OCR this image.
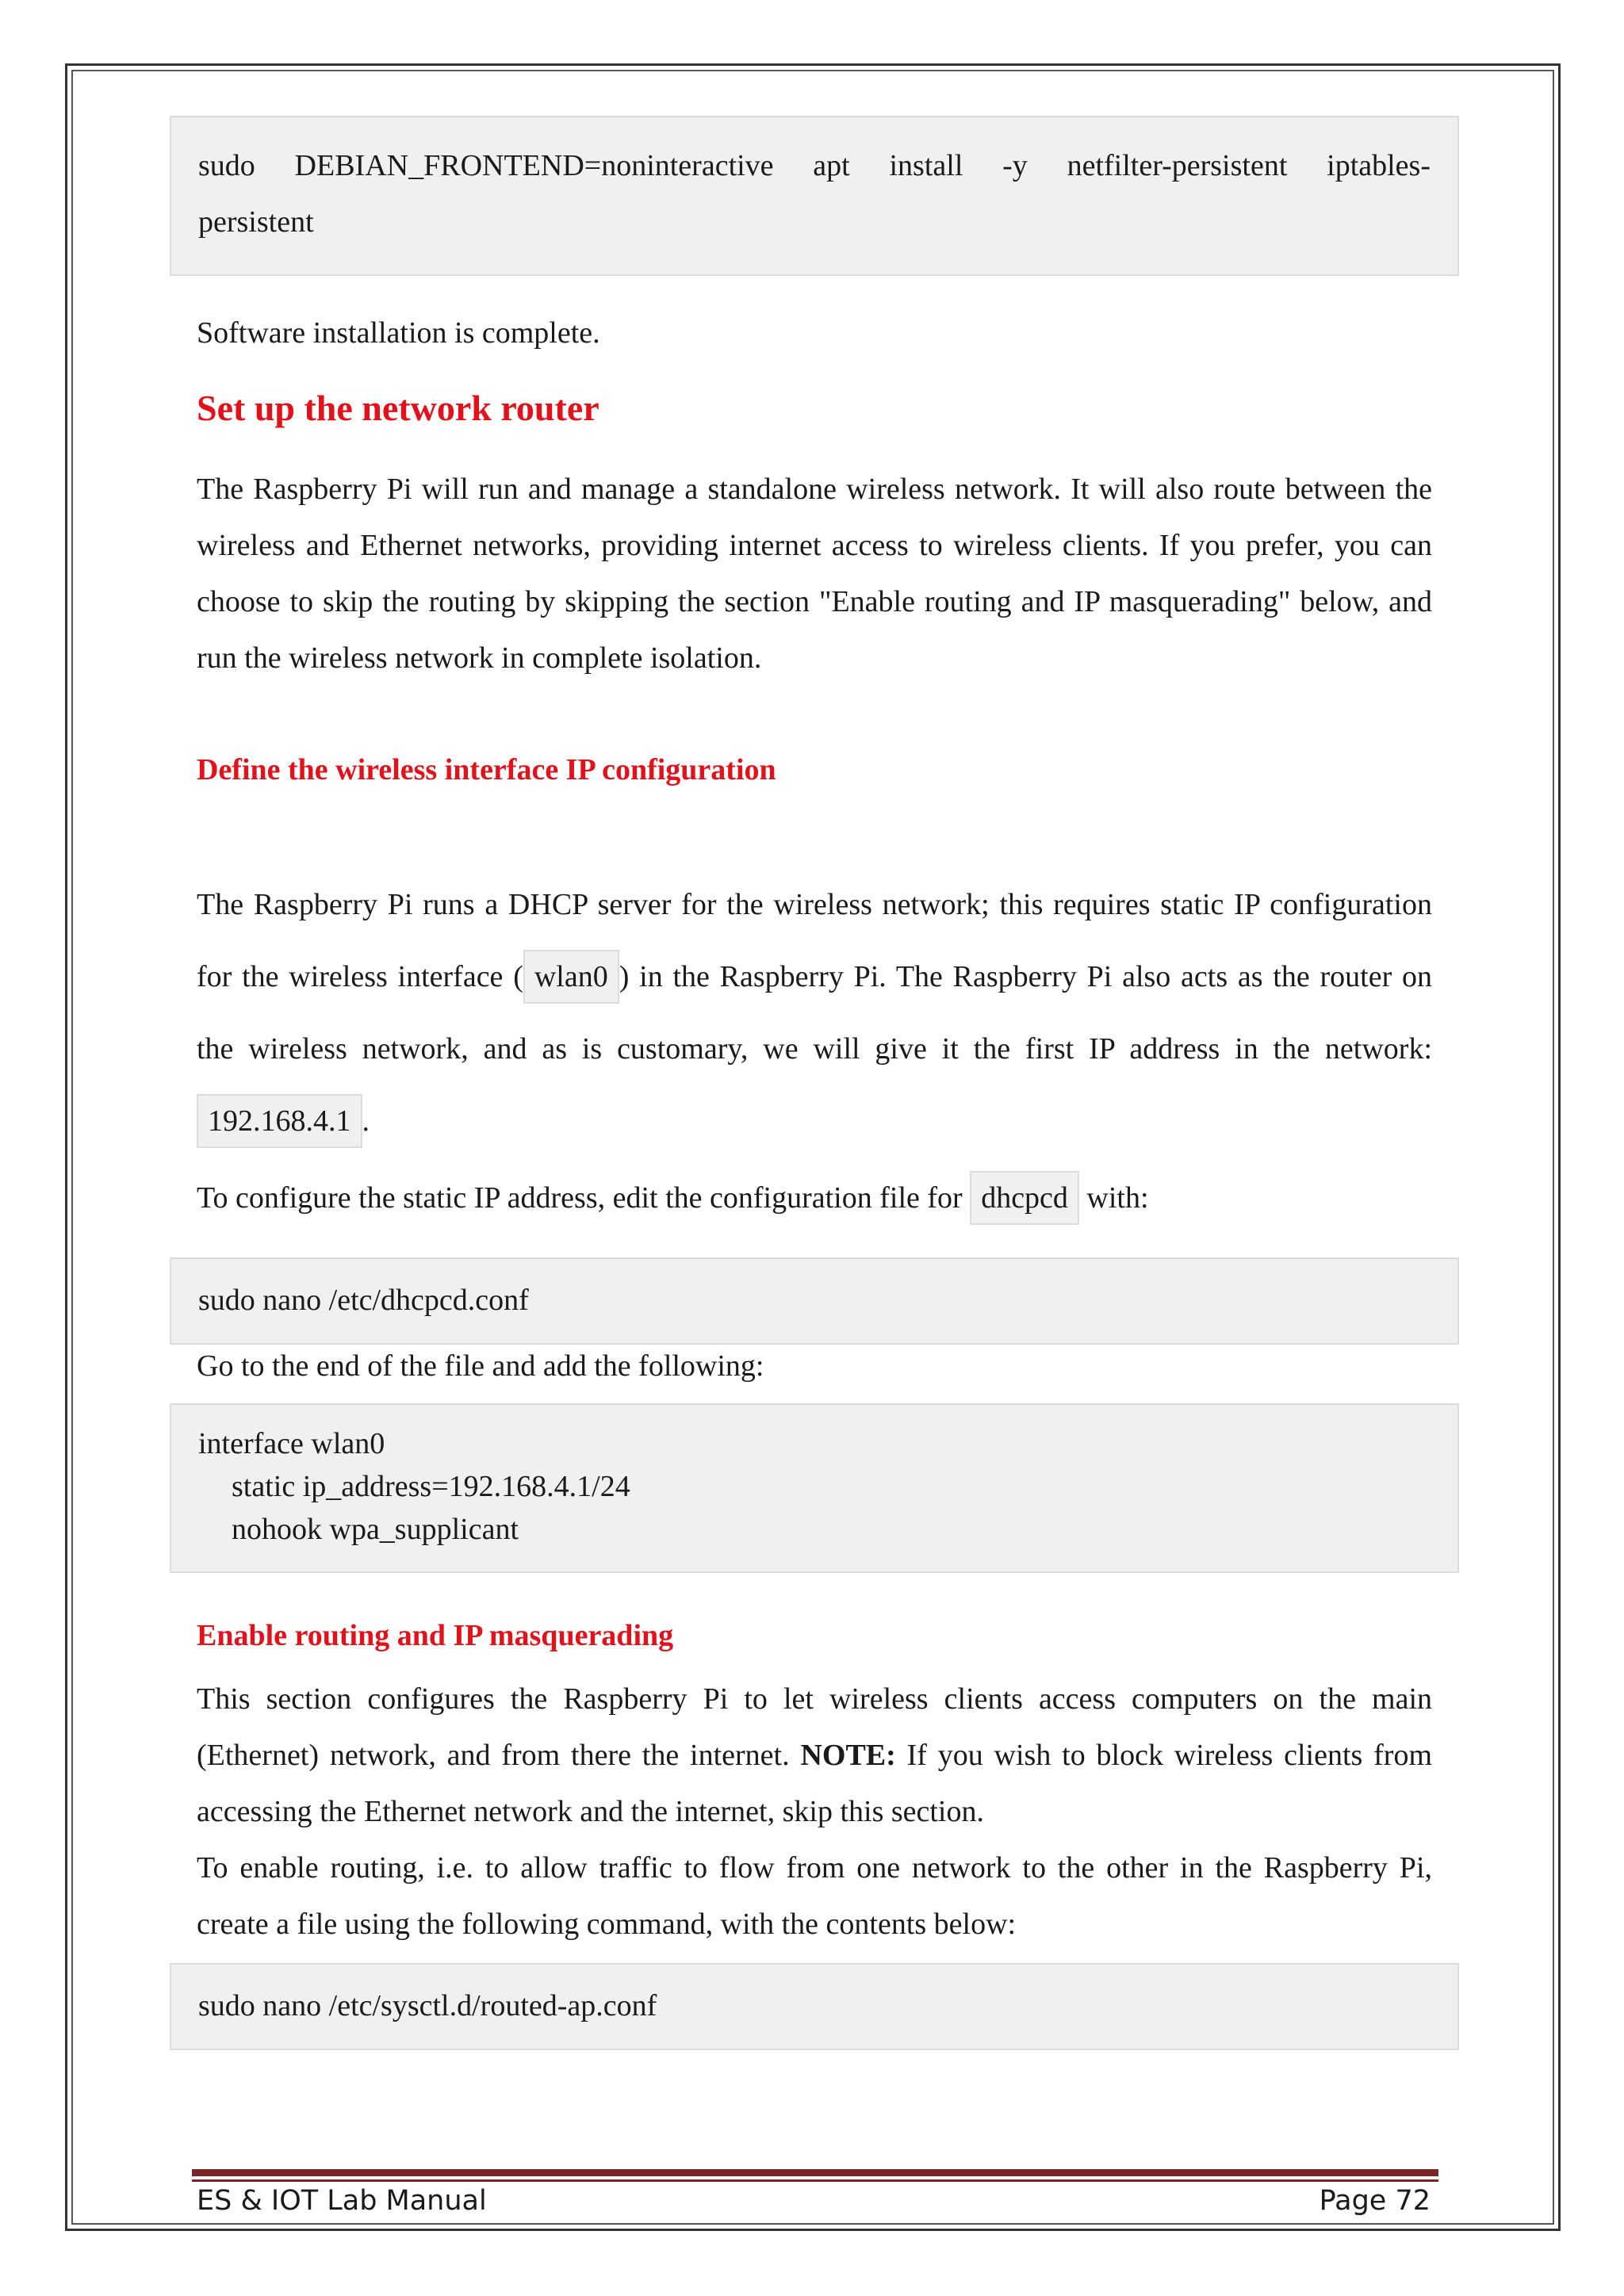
sudo DEBIAN_FRONTEND=noninteractive apt install -y netfilter-persistent iptables-
persistent

Software installation is complete.

Set up the network router

The Raspberry Pi will run and manage a standalone wireless network. It will also route between the wireless and Ethernet networks, providing internet access to wireless clients. If you prefer, you can choose to skip the routing by skipping the section "Enable routing and IP masquerading" below, and run the wireless network in complete isolation.

Define the wireless interface IP configuration

The Raspberry Pi runs a DHCP server for the wireless network; this requires static IP configuration for the wireless interface ( wlan0 ) in the Raspberry Pi. The Raspberry Pi also acts as the router on the wireless network, and as is customary, we will give it the first IP address in the network: 192.168.4.1 .

To configure the static IP address, edit the configuration file for dhcpcd with:

sudo nano /etc/dhcpcd.conf

Go to the end of the file and add the following:

interface wlan0
static ip_address=192.168.4.1/24
nohook wpa_supplicant
Enable routing and IP masquerading

This section configures the Raspberry Pi to let wireless clients access computers on the main (Ethernet) network, and from there the internet. NOTE: If you wish to block wireless clients from accessing the Ethernet network and the internet, skip this section.

To enable routing, i.e. to allow traffic to flow from one network to the other in the Raspberry Pi, create a file using the following command, with the contents below:

sudo nano /etc/sysctl.d/routed-ap.conf
ES & IOT Lab Manual	Page 72
